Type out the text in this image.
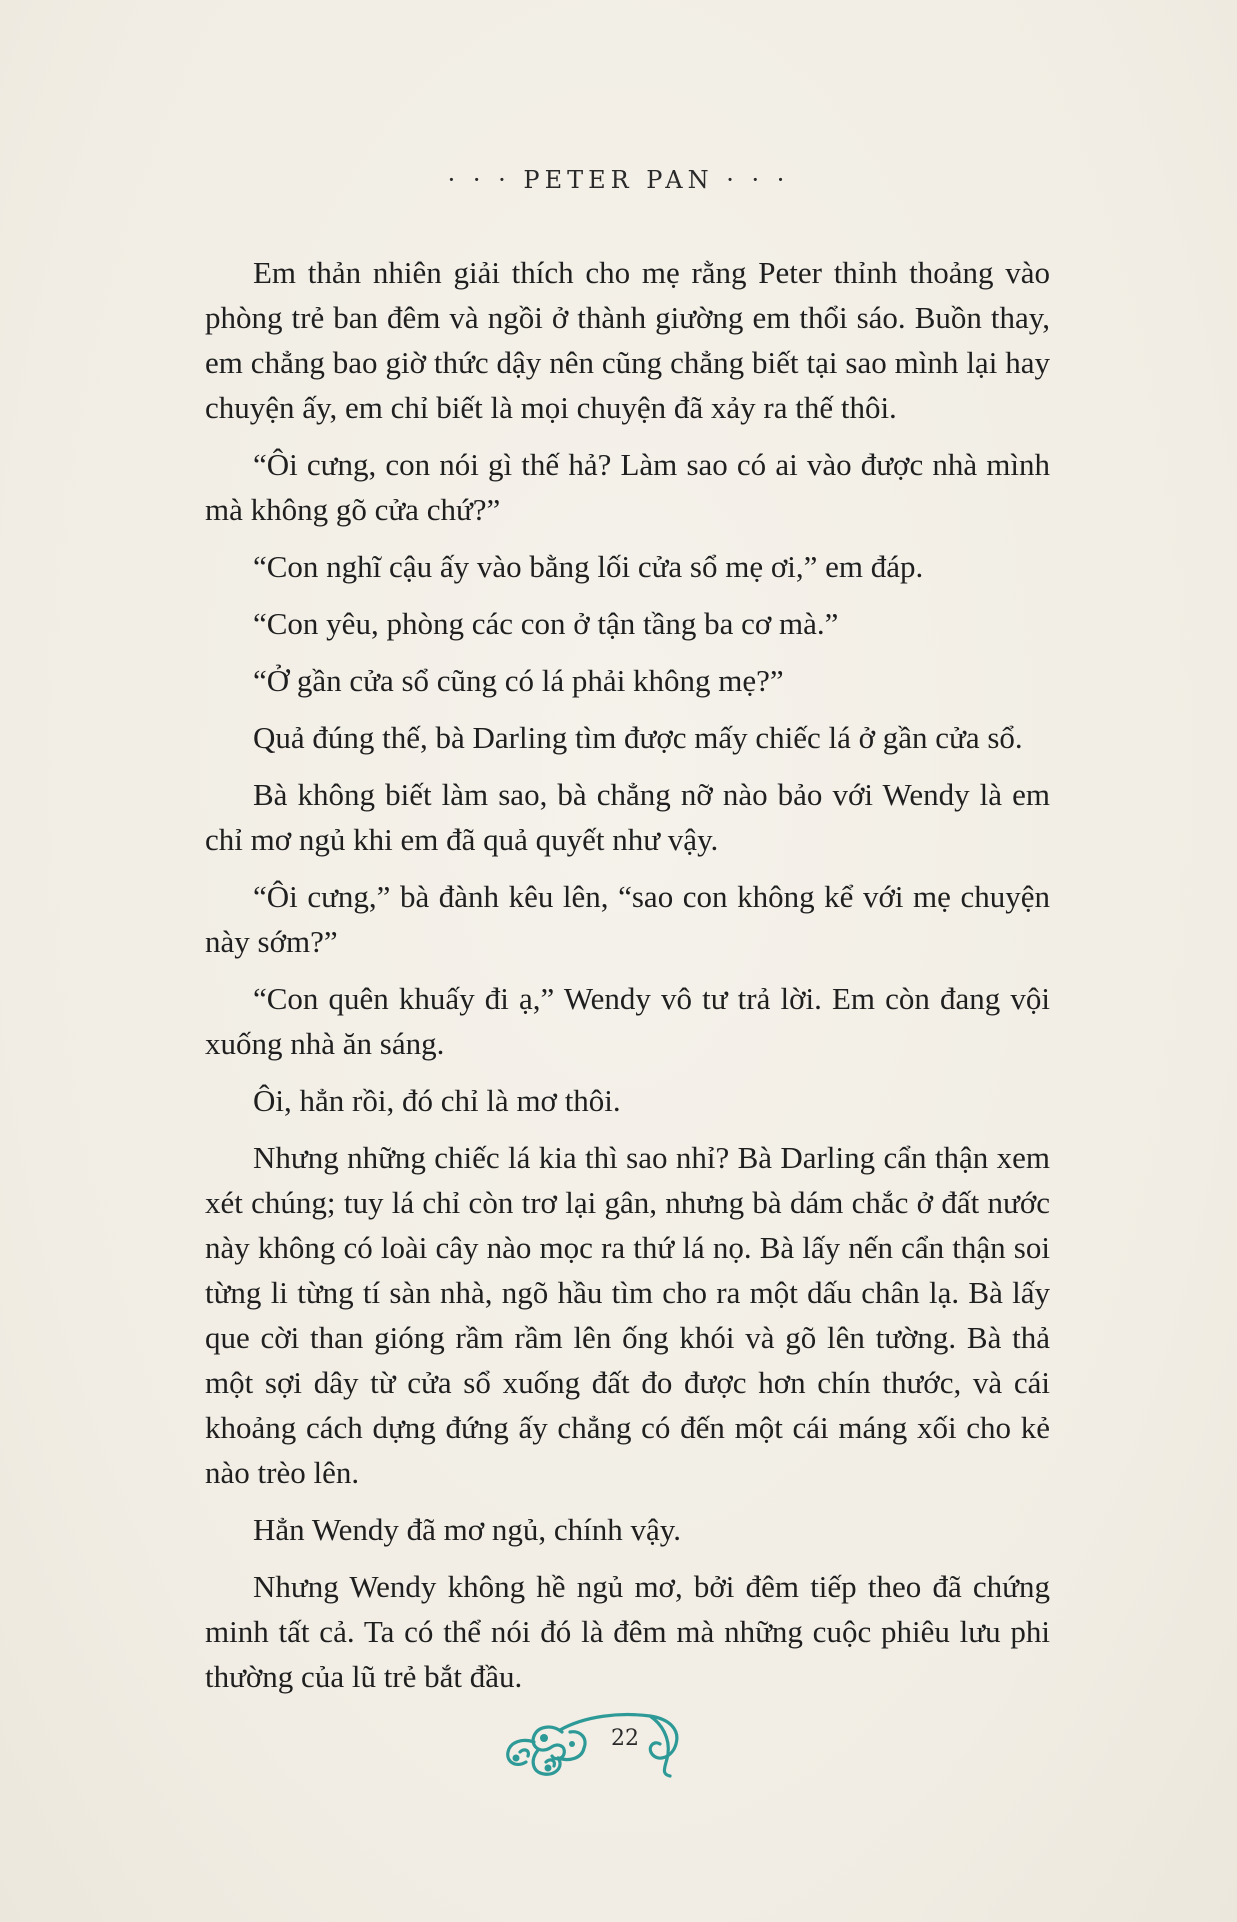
· · · PETER PAN · · ·

Em thản nhiên giải thích cho mẹ rằng Peter thỉnh thoảng vào phòng trẻ ban đêm và ngồi ở thành giường em thổi sáo. Buồn thay, em chẳng bao giờ thức dậy nên cũng chẳng biết tại sao mình lại hay chuyện ấy, em chỉ biết là mọi chuyện đã xảy ra thế thôi.

“Ôi cưng, con nói gì thế hả? Làm sao có ai vào được nhà mình mà không gõ cửa chứ?”

“Con nghĩ cậu ấy vào bằng lối cửa sổ mẹ ơi,” em đáp.

“Con yêu, phòng các con ở tận tầng ba cơ mà.”

“Ở gần cửa sổ cũng có lá phải không mẹ?”

Quả đúng thế, bà Darling tìm được mấy chiếc lá ở gần cửa sổ.

Bà không biết làm sao, bà chẳng nỡ nào bảo với Wendy là em chỉ mơ ngủ khi em đã quả quyết như vậy.

“Ôi cưng,” bà đành kêu lên, “sao con không kể với mẹ chuyện này sớm?”

“Con quên khuấy đi ạ,” Wendy vô tư trả lời. Em còn đang vội xuống nhà ăn sáng.

Ôi, hẳn rồi, đó chỉ là mơ thôi.

Nhưng những chiếc lá kia thì sao nhỉ? Bà Darling cẩn thận xem xét chúng; tuy lá chỉ còn trơ lại gân, nhưng bà dám chắc ở đất nước này không có loài cây nào mọc ra thứ lá nọ. Bà lấy nến cẩn thận soi từng li từng tí sàn nhà, ngõ hầu tìm cho ra một dấu chân lạ. Bà lấy que cời than gióng rầm rầm lên ống khói và gõ lên tường. Bà thả một sợi dây từ cửa sổ xuống đất đo được hơn chín thước, và cái khoảng cách dựng đứng ấy chẳng có đến một cái máng xối cho kẻ nào trèo lên.

Hẳn Wendy đã mơ ngủ, chính vậy.

Nhưng Wendy không hề ngủ mơ, bởi đêm tiếp theo đã chứng minh tất cả. Ta có thể nói đó là đêm mà những cuộc phiêu lưu phi thường của lũ trẻ bắt đầu.

22
